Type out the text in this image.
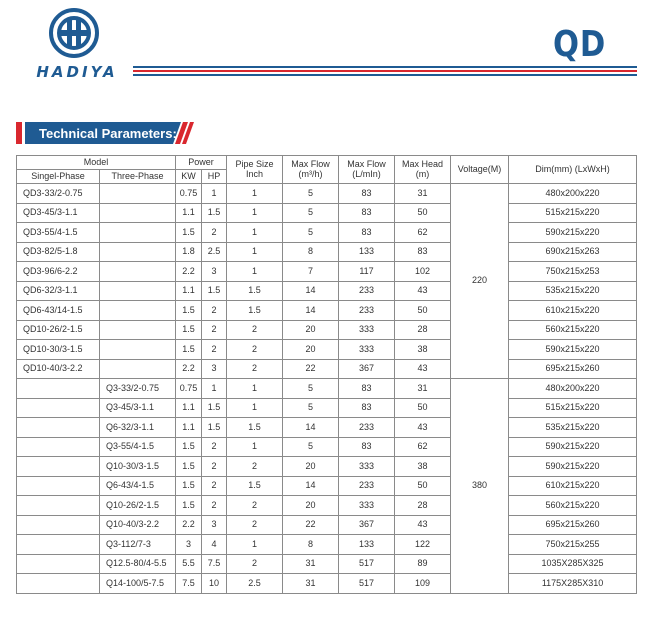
HADIYA
QD
Technical Parameters:
Model		Power		Pipe Size Inch	Max Flow (m³/h)	Max Flow (L/mIn)	Max Head (m)	Voltage(M)	Dim(mm) (LxWxH)
Singel-Phase	Three-Phase	KW	HP						
QD3-33/2-0.75		0.75	1	1	5	83	31	220	480x200x220
QD3-45/3-1.1		1.1	1.5	1	5	83	50		515x215x220
QD3-55/4-1.5		1.5	2	1	5	83	62		590x215x220
QD3-82/5-1.8		1.8	2.5	1	8	133	83		690x215x263
QD3-96/6-2.2		2.2	3	1	7	117	102		750x215x253
QD6-32/3-1.1		1.1	1.5	1.5	14	233	43		535x215x220
QD6-43/14-1.5		1.5	2	1.5	14	233	50		610x215x220
QD10-26/2-1.5		1.5	2	2	20	333	28		560x215x220
QD10-30/3-1.5		1.5	2	2	20	333	38		590x215x220
QD10-40/3-2.2		2.2	3	2	22	367	43		695x215x260
	Q3-33/2-0.75	0.75	1	1	5	83	31	380	480x200x220
	Q3-45/3-1.1	1.1	1.5	1	5	83	50		515x215x220
	Q6-32/3-1.1	1.1	1.5	1.5	14	233	43		535x215x220
	Q3-55/4-1.5	1.5	2	1	5	83	62		590x215x220
	Q10-30/3-1.5	1.5	2	2	20	333	38		590x215x220
	Q6-43/4-1.5	1.5	2	1.5	14	233	50		610x215x220
	Q10-26/2-1.5	1.5	2	2	20	333	28		560x215x220
	Q10-40/3-2.2	2.2	3	2	22	367	43		695x215x260
	Q3-112/7-3	3	4	1	8	133	122		750x215x255
	Q12.5-80/4-5.5	5.5	7.5	2	31	517	89		1035X285X325
	Q14-100/5-7.5	7.5	10	2.5	31	517	109		1175X285X310
